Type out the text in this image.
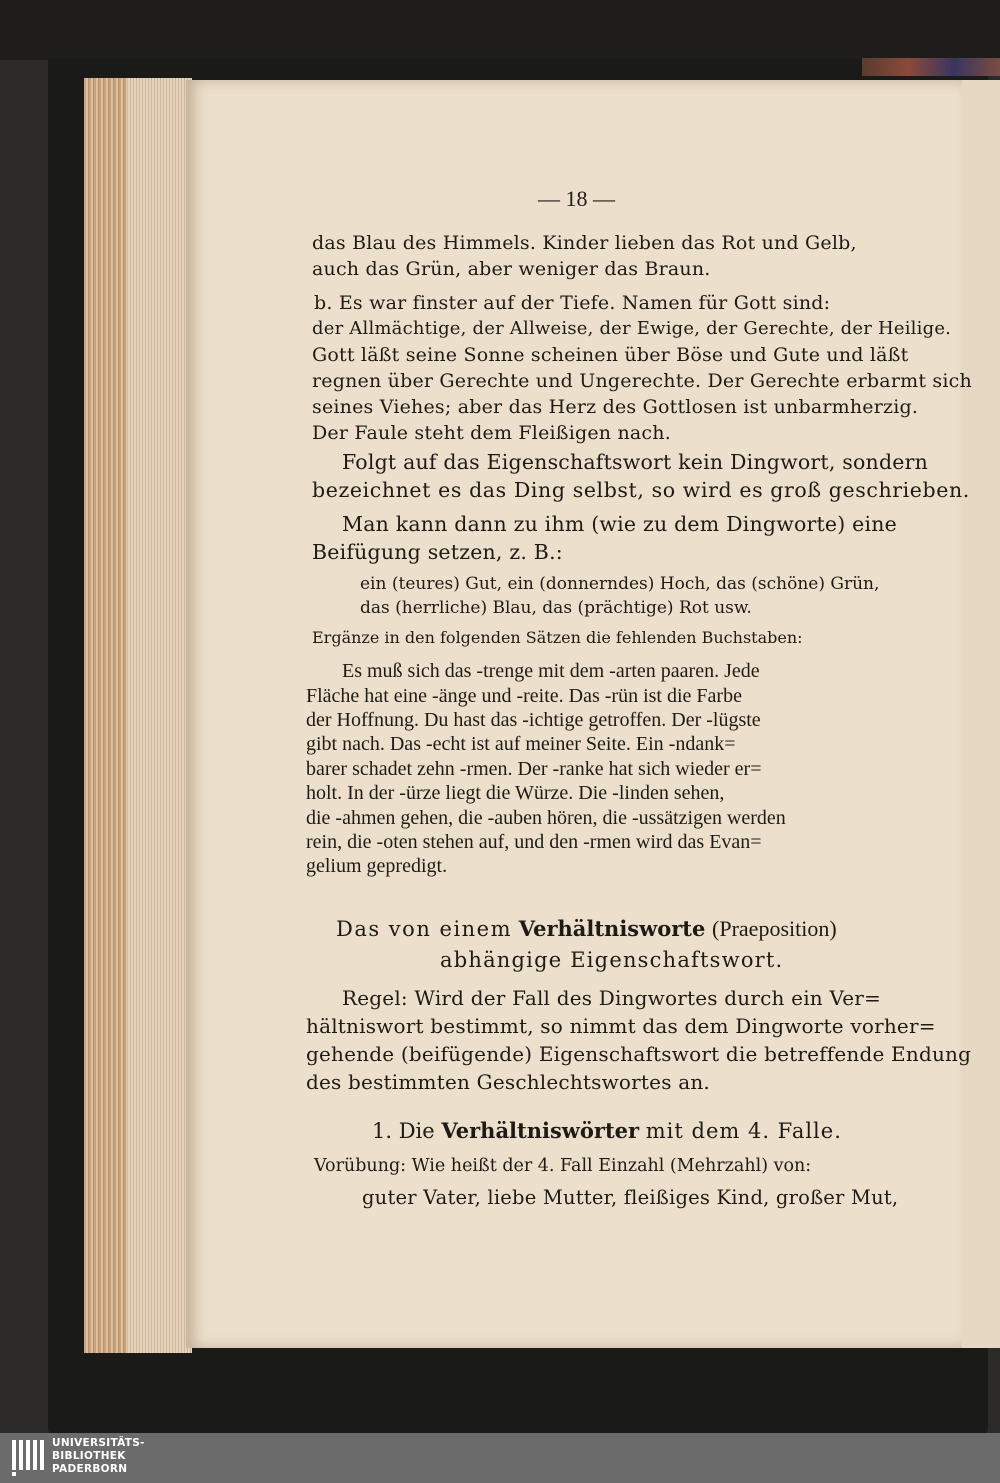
— 18 —
das Blau des Himmels. Kinder lieben das Rot und Gelb,
auch das Grün, aber weniger das Braun.
b. Es war finster auf der Tiefe. Namen für Gott sind:
der Allmächtige, der Allweise, der Ewige, der Gerechte, der Heilige.
Gott läßt seine Sonne scheinen über Böse und Gute und läßt
regnen über Gerechte und Ungerechte. Der Gerechte erbarmt sich
seines Viehes; aber das Herz des Gottlosen ist unbarmherzig.
Der Faule steht dem Fleißigen nach.
Folgt auf das Eigenschaftswort kein Dingwort, sondern
bezeichnet es das Ding selbst, so wird es groß geschrieben.
Man kann dann zu ihm (wie zu dem Dingworte) eine
Beifügung setzen, z. B.:
ein (teures) Gut, ein (donnerndes) Hoch, das (schöne) Grün,
das (herrliche) Blau, das (prächtige) Rot usw.
Ergänze in den folgenden Sätzen die fehlenden Buchstaben:
Es muß sich das -trenge mit dem -arten paaren. Jede
Fläche hat eine -änge und -reite. Das -rün ist die Farbe
der Hoffnung. Du hast das -ichtige getroffen. Der -lügste
gibt nach. Das -echt ist auf meiner Seite. Ein -ndank=
barer schadet zehn -rmen. Der -ranke hat sich wieder er=
holt. In der -ürze liegt die Würze. Die -linden sehen,
die -ahmen gehen, die -auben hören, die -ussätzigen werden
rein, die -oten stehen auf, und den -rmen wird das Evan=
gelium gepredigt.
Das von einem Verhältnisworte (Praeposition)
abhängige Eigenschaftswort.
Regel: Wird der Fall des Dingwortes durch ein Ver=
hältniswort bestimmt, so nimmt das dem Dingworte vorher=
gehende (beifügende) Eigenschaftswort die betreffende Endung
des bestimmten Geschlechtswortes an.
1. Die Verhältniswörter mit dem 4. Falle.
Vorübung: Wie heißt der 4. Fall Einzahl (Mehrzahl) von:
guter Vater, liebe Mutter, fleißiges Kind, großer Mut,
UNIVERSITÄTS-
BIBLIOTHEK
PADERBORN
